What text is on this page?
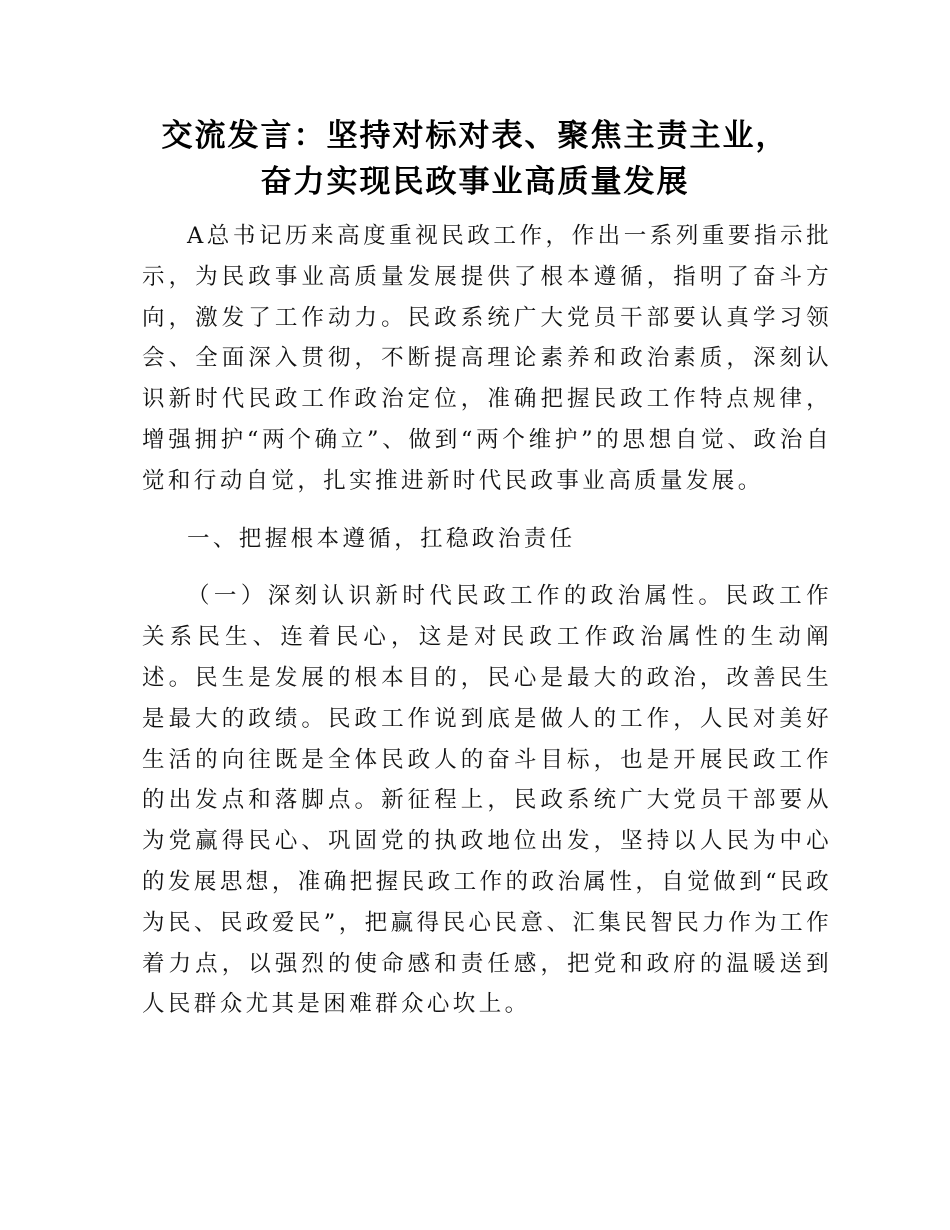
交流发言：坚持对标对表、聚焦主责主业，
奋力实现民政事业高质量发展

A总书记历来高度重视民政工作，作出一系列重要指示批示，为民政事业高质量发展提供了根本遵循，指明了奋斗方向，激发了工作动力。民政系统广大党员干部要认真学习领会、全面深入贯彻，不断提高理论素养和政治素质，深刻认识新时代民政工作政治定位，准确把握民政工作特点规律，增强拥护“两个确立”、做到“两个维护”的思想自觉、政治自觉和行动自觉，扎实推进新时代民政事业高质量发展。

一、把握根本遵循，扛稳政治责任

（一）深刻认识新时代民政工作的政治属性。民政工作关系民生、连着民心，这是对民政工作政治属性的生动阐述。民生是发展的根本目的，民心是最大的政治，改善民生是最大的政绩。民政工作说到底是做人的工作，人民对美好生活的向往既是全体民政人的奋斗目标，也是开展民政工作的出发点和落脚点。新征程上，民政系统广大党员干部要从为党赢得民心、巩固党的执政地位出发，坚持以人民为中心的发展思想，准确把握民政工作的政治属性，自觉做到“民政为民、民政爱民”，把赢得民心民意、汇集民智民力作为工作着力点，以强烈的使命感和责任感，把党和政府的温暖送到人民群众尤其是困难群众心坎上。
